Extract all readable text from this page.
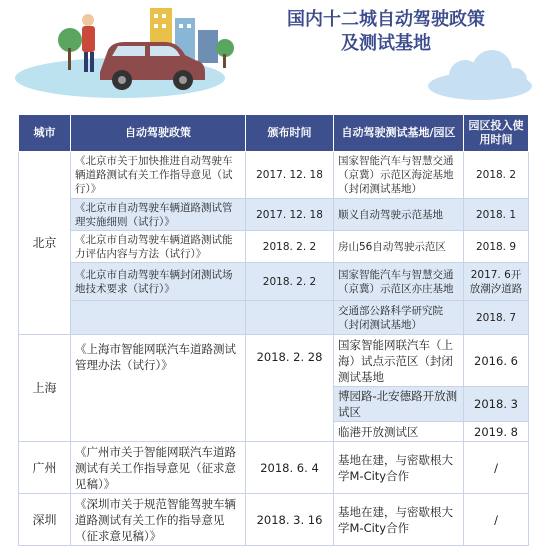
国内十二城自动驾驶政策
及测试基地
城市	自动驾驶政策	颁布时间	自动驾驶测试基地/园区	园区投入使用时间
北京	《北京市关于加快推进自动驾驶车辆道路测试有关工作指导意见（试行）》	2017. 12. 18	国家智能汽车与智慧交通（京冀）示范区海淀基地（封闭测试基地）	2018. 2
	《北京市自动驾驶车辆道路测试管理实施细则（试行）》	2017. 12. 18	顺义自动驾驶示范基地	2018. 1
	《北京市自动驾驶车辆道路测试能力评估内容与方法（试行）》	2018. 2. 2	房山56自动驾驶示范区	2018. 9
	《北京市自动驾驶车辆封闭测试场地技术要求（试行）》	2018. 2. 2	国家智能汽车与智慧交通（京冀）示范区亦庄基地	2017. 6开放潮汐道路
			交通部公路科学研究院（封闭测试基地）	2018. 7
上海	《上海市智能网联汽车道路测试管理办法（试行）》	2018. 2. 28	国家智能网联汽车（上海）试点示范区（封闭测试基地	2016. 6
			博园路-北安德路开放测试区	2018. 3
			临港开放测试区	2019. 8
广州	《广州市关于智能网联汽车道路测试有关工作指导意见（征求意见稿）》	2018. 6. 4	基地在建，与密歇根大学M-City合作	/
深圳	《深圳市关于规范智能驾驶车辆道路测试有关工作的指导意见（征求意见稿）》	2018. 3. 16	基地在建，与密歇根大学M-City合作	/
